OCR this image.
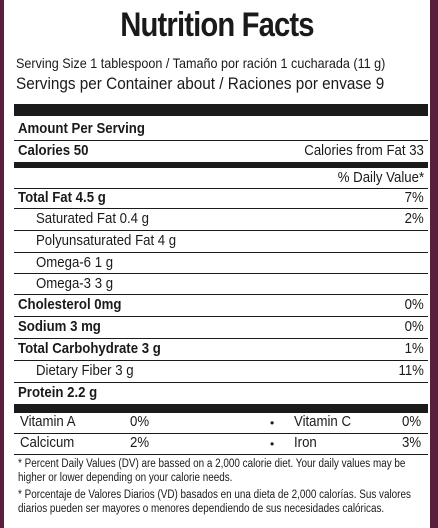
Nutrition Facts
Serving Size 1 tablespoon / Tamaño por ración 1 cucharada (11 g)
Servings per Container about / Raciones por envase 9
Amount Per Serving
Calories 50	Calories from Fat 33
% Daily Value*
Total Fat 4.5 g	7%
Saturated Fat 0.4 g	2%
Polyunsaturated Fat 4 g
Omega-6 1 g
Omega-3 3 g
Cholesterol 0mg	0%
Sodium 3 mg	0%
Total Carbohydrate 3 g	1%
Dietary Fiber 3 g	11%
Protein 2.2 g
Vitamin A	0%	• Vitamin C	0%
Calcicum	2%	• Iron	3%
* Percent Daily Values (DV) are bassed on a 2,000 calorie diet. Your daily values may be higher or lower depending on your calorie needs.
* Porcentaje de Valores Diarios (VD) basados en una dieta de 2,000 calorías. Sus valores diarios pueden ser mayores o menores dependiendo de sus necesidades calóricas.
